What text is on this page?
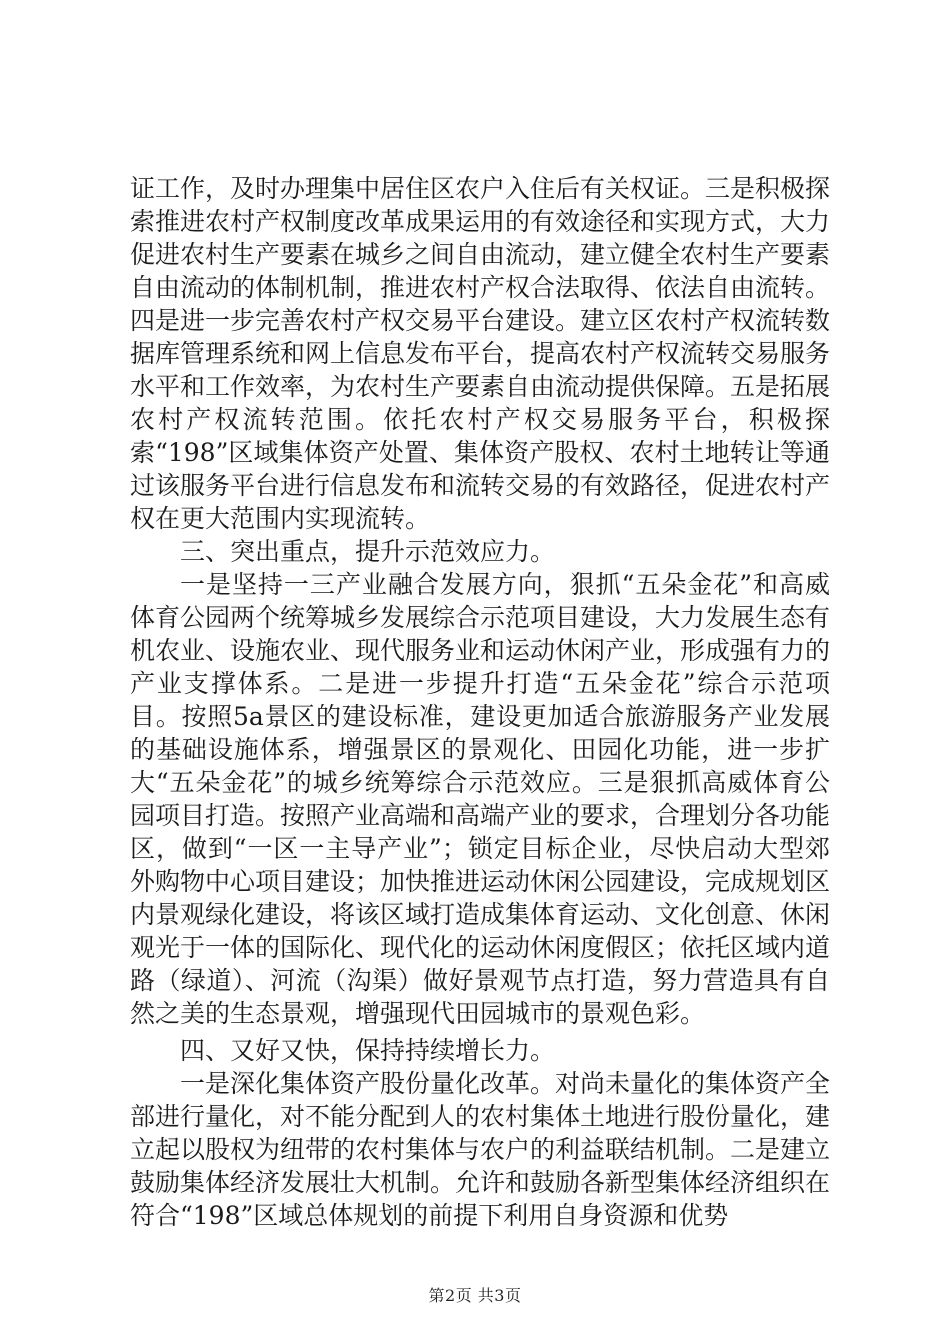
证工作，及时办理集中居住区农户入住后有关权证。三是积极探索推进农村产权制度改革成果运用的有效途径和实现方式，大力促进农村生产要素在城乡之间自由流动，建立健全农村生产要素自由流动的体制机制，推进农村产权合法取得、依法自由流转。四是进一步完善农村产权交易平台建设。建立区农村产权流转数据库管理系统和网上信息发布平台，提高农村产权流转交易服务水平和工作效率，为农村生产要素自由流动提供保障。五是拓展农村产权流转范围。依托农村产权交易服务平台，积极探索“198”区域集体资产处置、集体资产股权、农村土地转让等通过该服务平台进行信息发布和流转交易的有效路径，促进农村产权在更大范围内实现流转。

三、突出重点，提升示范效应力。

一是坚持一三产业融合发展方向，狠抓“五朵金花”和高威体育公园两个统筹城乡发展综合示范项目建设，大力发展生态有机农业、设施农业、现代服务业和运动休闲产业，形成强有力的产业支撑体系。二是进一步提升打造“五朵金花”综合示范项目。按照5a景区的建设标准，建设更加适合旅游服务产业发展的基础设施体系，增强景区的景观化、田园化功能，进一步扩大“五朵金花”的城乡统筹综合示范效应。三是狠抓高威体育公园项目打造。按照产业高端和高端产业的要求，合理划分各功能区，做到“一区一主导产业”；锁定目标企业，尽快启动大型郊外购物中心项目建设；加快推进运动休闲公园建设，完成规划区内景观绿化建设，将该区域打造成集体育运动、文化创意、休闲观光于一体的国际化、现代化的运动休闲度假区；依托区域内道路（绿道）、河流（沟渠）做好景观节点打造，努力营造具有自然之美的生态景观，增强现代田园城市的景观色彩。

四、又好又快，保持持续增长力。

一是深化集体资产股份量化改革。对尚未量化的集体资产全部进行量化，对不能分配到人的农村集体土地进行股份量化，建立起以股权为纽带的农村集体与农户的利益联结机制。二是建立鼓励集体经济发展壮大机制。允许和鼓励各新型集体经济组织在符合“198”区域总体规划的前提下利用自身资源和优势

第2页 共3页
